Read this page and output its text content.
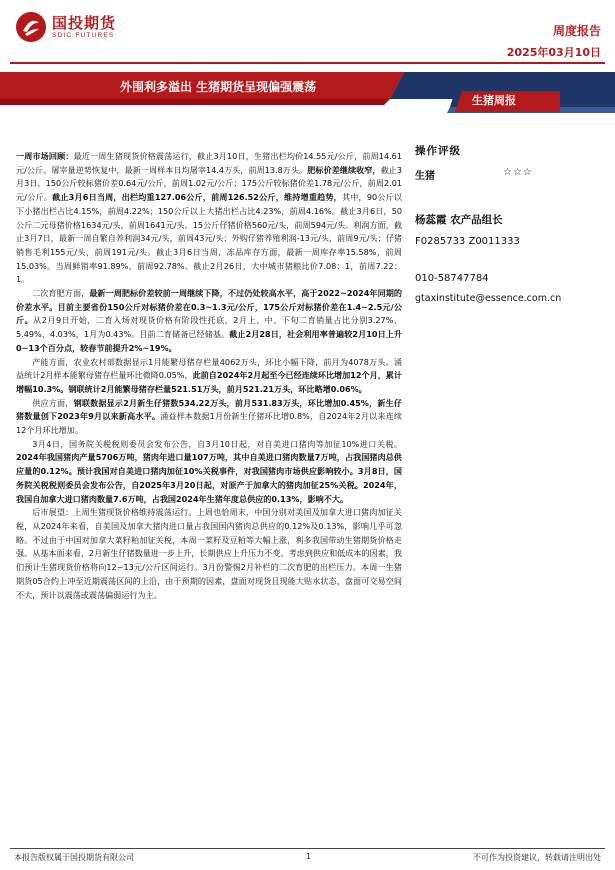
国投期货
SDIC FUTURES	周度报告
2025年03月10日
外围利多溢出 生猪期货呈现偏强震荡
生猪周报

一周市场回顾：最近一周生猪现货价格震荡运行，截止3月10日，生猪出栏均价14.55元/公斤，前周14.61元/公斤。屠宰量逆势恢复中，最新一周样本日均屠宰14.4万头，前周13.8万头。肥标价差继续收窄，截止3月3日，150公斤较标猪价差0.64元/公斤，前周1.02元/公斤；175公斤较标猪价差1.78元/公斤，前周2.01元/公斤。截止3月6日当周，出栏均重127.06公斤，前周126.52公斤，维持增重趋势，其中，90公斤以下小猪出栏占比4.15%，前周4.22%；150公斤以上大猪出栏占比4.23%，前周4.16%。截止3月6日，50公斤二元母猪价格1634元/头，前周1641元/头。15公斤仔猪价格560元/头，前周594元/头。利润方面，截止3月7日，最新一周自繁自养利润34元/头，前周43元/头；外购仔猪养殖利润-13元/头，前周9元/头；仔猪销售毛利155元/头，前周191元/头。截止3月6日当周，冻品库存方面，最新一周库存率15.58%，前周15.03%。当周鲜销率91.89%，前周92.78%。截止2月26日，大中城市猪粮比价7.08：1，前周7.22：1。

二次育肥方面，最新一周肥标价差较前一周继续下降，不过仍处较高水平，高于2022~2024年同期的价差水平。目前主要省份150公斤对标猪价差在0.3~1.3元/公斤，175公斤对标猪价差在1.4~2.5元/公斤。从2月9日开始，二育入场对现货价格有阶段性托底，2月上、中、下旬二育销量占比分别3.27%、5.49%、4.03%，1月为0.43%。目前二育储备已经储基。截止2月28日，社会利用率普遍较2月10日上升0~13个百分点，较春节前提升2%~19%。

产能方面，农业农村部数据显示1月能繁母猪存栏量4062万头，环比小幅下降，前月为4078万头。涌益统计2月样本能繁母猪存栏量环比微降0.05%，此前自2024年2月起至今已经连续环比增加12个月，累计增幅10.3%。钢联统计2月能繁母猪存栏量521.51万头，前月521.21万头，环比略增0.06%。

供应方面，钢联数据显示2月新生仔猪数534.22万头，前月531.83万头，环比增加0.45%，新生仔猪数量创下2023年9月以来新高水平。涌益样本数据1月份新生仔猪环比增0.8%，自2024年2月以来连续12个月环比增加。

3月4日，国务院关税税则委员会发布公告，自3月10日起，对自美进口猪肉等加征10%进口关税。2024年我国猪肉产量5706万吨，猪肉年进口量107万吨，其中自美进口猪肉数量7万吨，占我国猪肉总供应量的0.12%。预计我国对自美进口猪肉加征10%关税事件，对我国猪肉市场供应影响较小。3月8日，国务院关税税则委员会发布公告，自2025年3月20日起，对原产于加拿大的猪肉加征25%关税。2024年，我国自加拿大进口猪肉数量7.6万吨，占我国2024年生猪年度总供应的0.13%，影响不大。

后市展望：上周生猪现货价格维持震荡运行。上周也恰周末，中国分别对美国及加拿大进口猪肉加征关税，从2024年来看，自美国及加拿大猪肉进口量占我国国内猪肉总供应的0.12%及0.13%，影响几乎可忽略。不过由于中国对加拿大菜籽粕加征关税，本周一菜籽及豆粕等大幅上涨，利多我国带动生猪期货价格走强。从基本面来看，2月新生仔猪数量进一步上升，长期供应上升压力不变。考虑到供应和低成本的因素，我们预计生猪现货价格将向12~13元/公斤区间运行。3月份警惕2月补栏的二次育肥的出栏压力。本周一生猪期货05合约上冲至近期震荡区间的上沿，由于预期的因素，盘面对现货且现能大贴水状态，盘面可交易空间不大，预计以震荡或震荡偏弱运行为主。

操作评级
生猪	☆☆☆
杨蕊霞 农产品组长
F0285733 Z0011333
010-58747784
gtaxinstitute@essence.com.cn
本报告版权属于国投期货有限公司	1	不可作为投资建议，转载请注明出处
